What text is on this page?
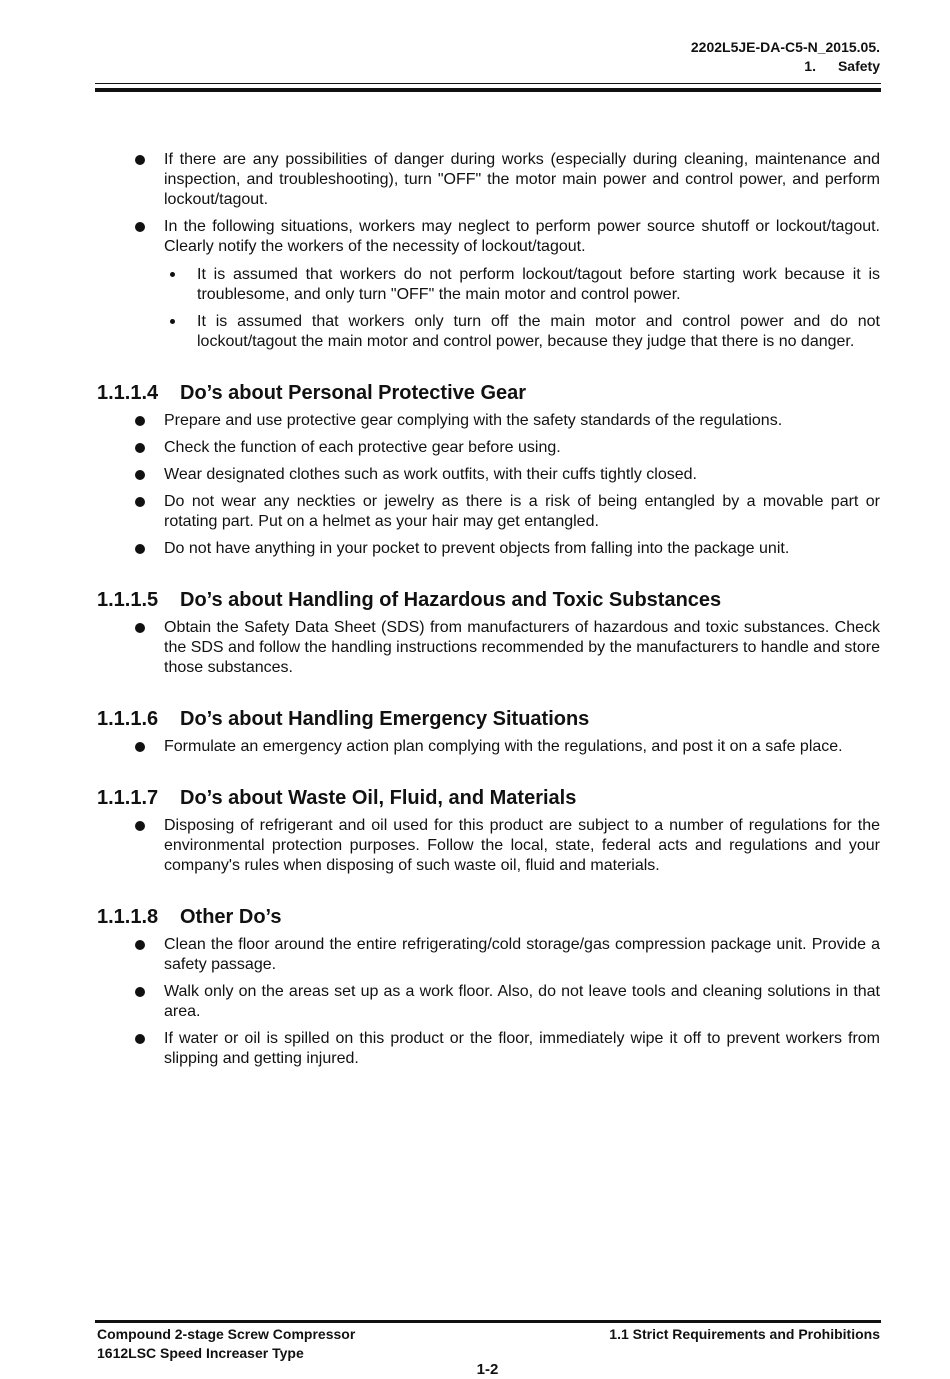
2202L5JE-DA-C5-N_2015.05.
1. Safety
If there are any possibilities of danger during works (especially during cleaning, maintenance and inspection, and troubleshooting), turn "OFF" the motor main power and control power, and perform lockout/tagout.
In the following situations, workers may neglect to perform power source shutoff or lockout/tagout. Clearly notify the workers of the necessity of lockout/tagout.
It is assumed that workers do not perform lockout/tagout before starting work because it is troublesome, and only turn "OFF" the main motor and control power.
It is assumed that workers only turn off the main motor and control power and do not lockout/tagout the main motor and control power, because they judge that there is no danger.
1.1.1.4 Do’s about Personal Protective Gear
Prepare and use protective gear complying with the safety standards of the regulations.
Check the function of each protective gear before using.
Wear designated clothes such as work outfits, with their cuffs tightly closed.
Do not wear any neckties or jewelry as there is a risk of being entangled by a movable part or rotating part. Put on a helmet as your hair may get entangled.
Do not have anything in your pocket to prevent objects from falling into the package unit.
1.1.1.5 Do’s about Handling of Hazardous and Toxic Substances
Obtain the Safety Data Sheet (SDS) from manufacturers of hazardous and toxic substances. Check the SDS and follow the handling instructions recommended by the manufacturers to handle and store those substances.
1.1.1.6 Do’s about Handling Emergency Situations
Formulate an emergency action plan complying with the regulations, and post it on a safe place.
1.1.1.7 Do’s about Waste Oil, Fluid, and Materials
Disposing of refrigerant and oil used for this product are subject to a number of regulations for the environmental protection purposes. Follow the local, state, federal acts and regulations and your company's rules when disposing of such waste oil, fluid and materials.
1.1.1.8 Other Do’s
Clean the floor around the entire refrigerating/cold storage/gas compression package unit. Provide a safety passage.
Walk only on the areas set up as a work floor. Also, do not leave tools and cleaning solutions in that area.
If water or oil is spilled on this product or the floor, immediately wipe it off to prevent workers from slipping and getting injured.
Compound 2-stage Screw Compressor
1612LSC Speed Increaser Type
1.1 Strict Requirements and Prohibitions
1-2
